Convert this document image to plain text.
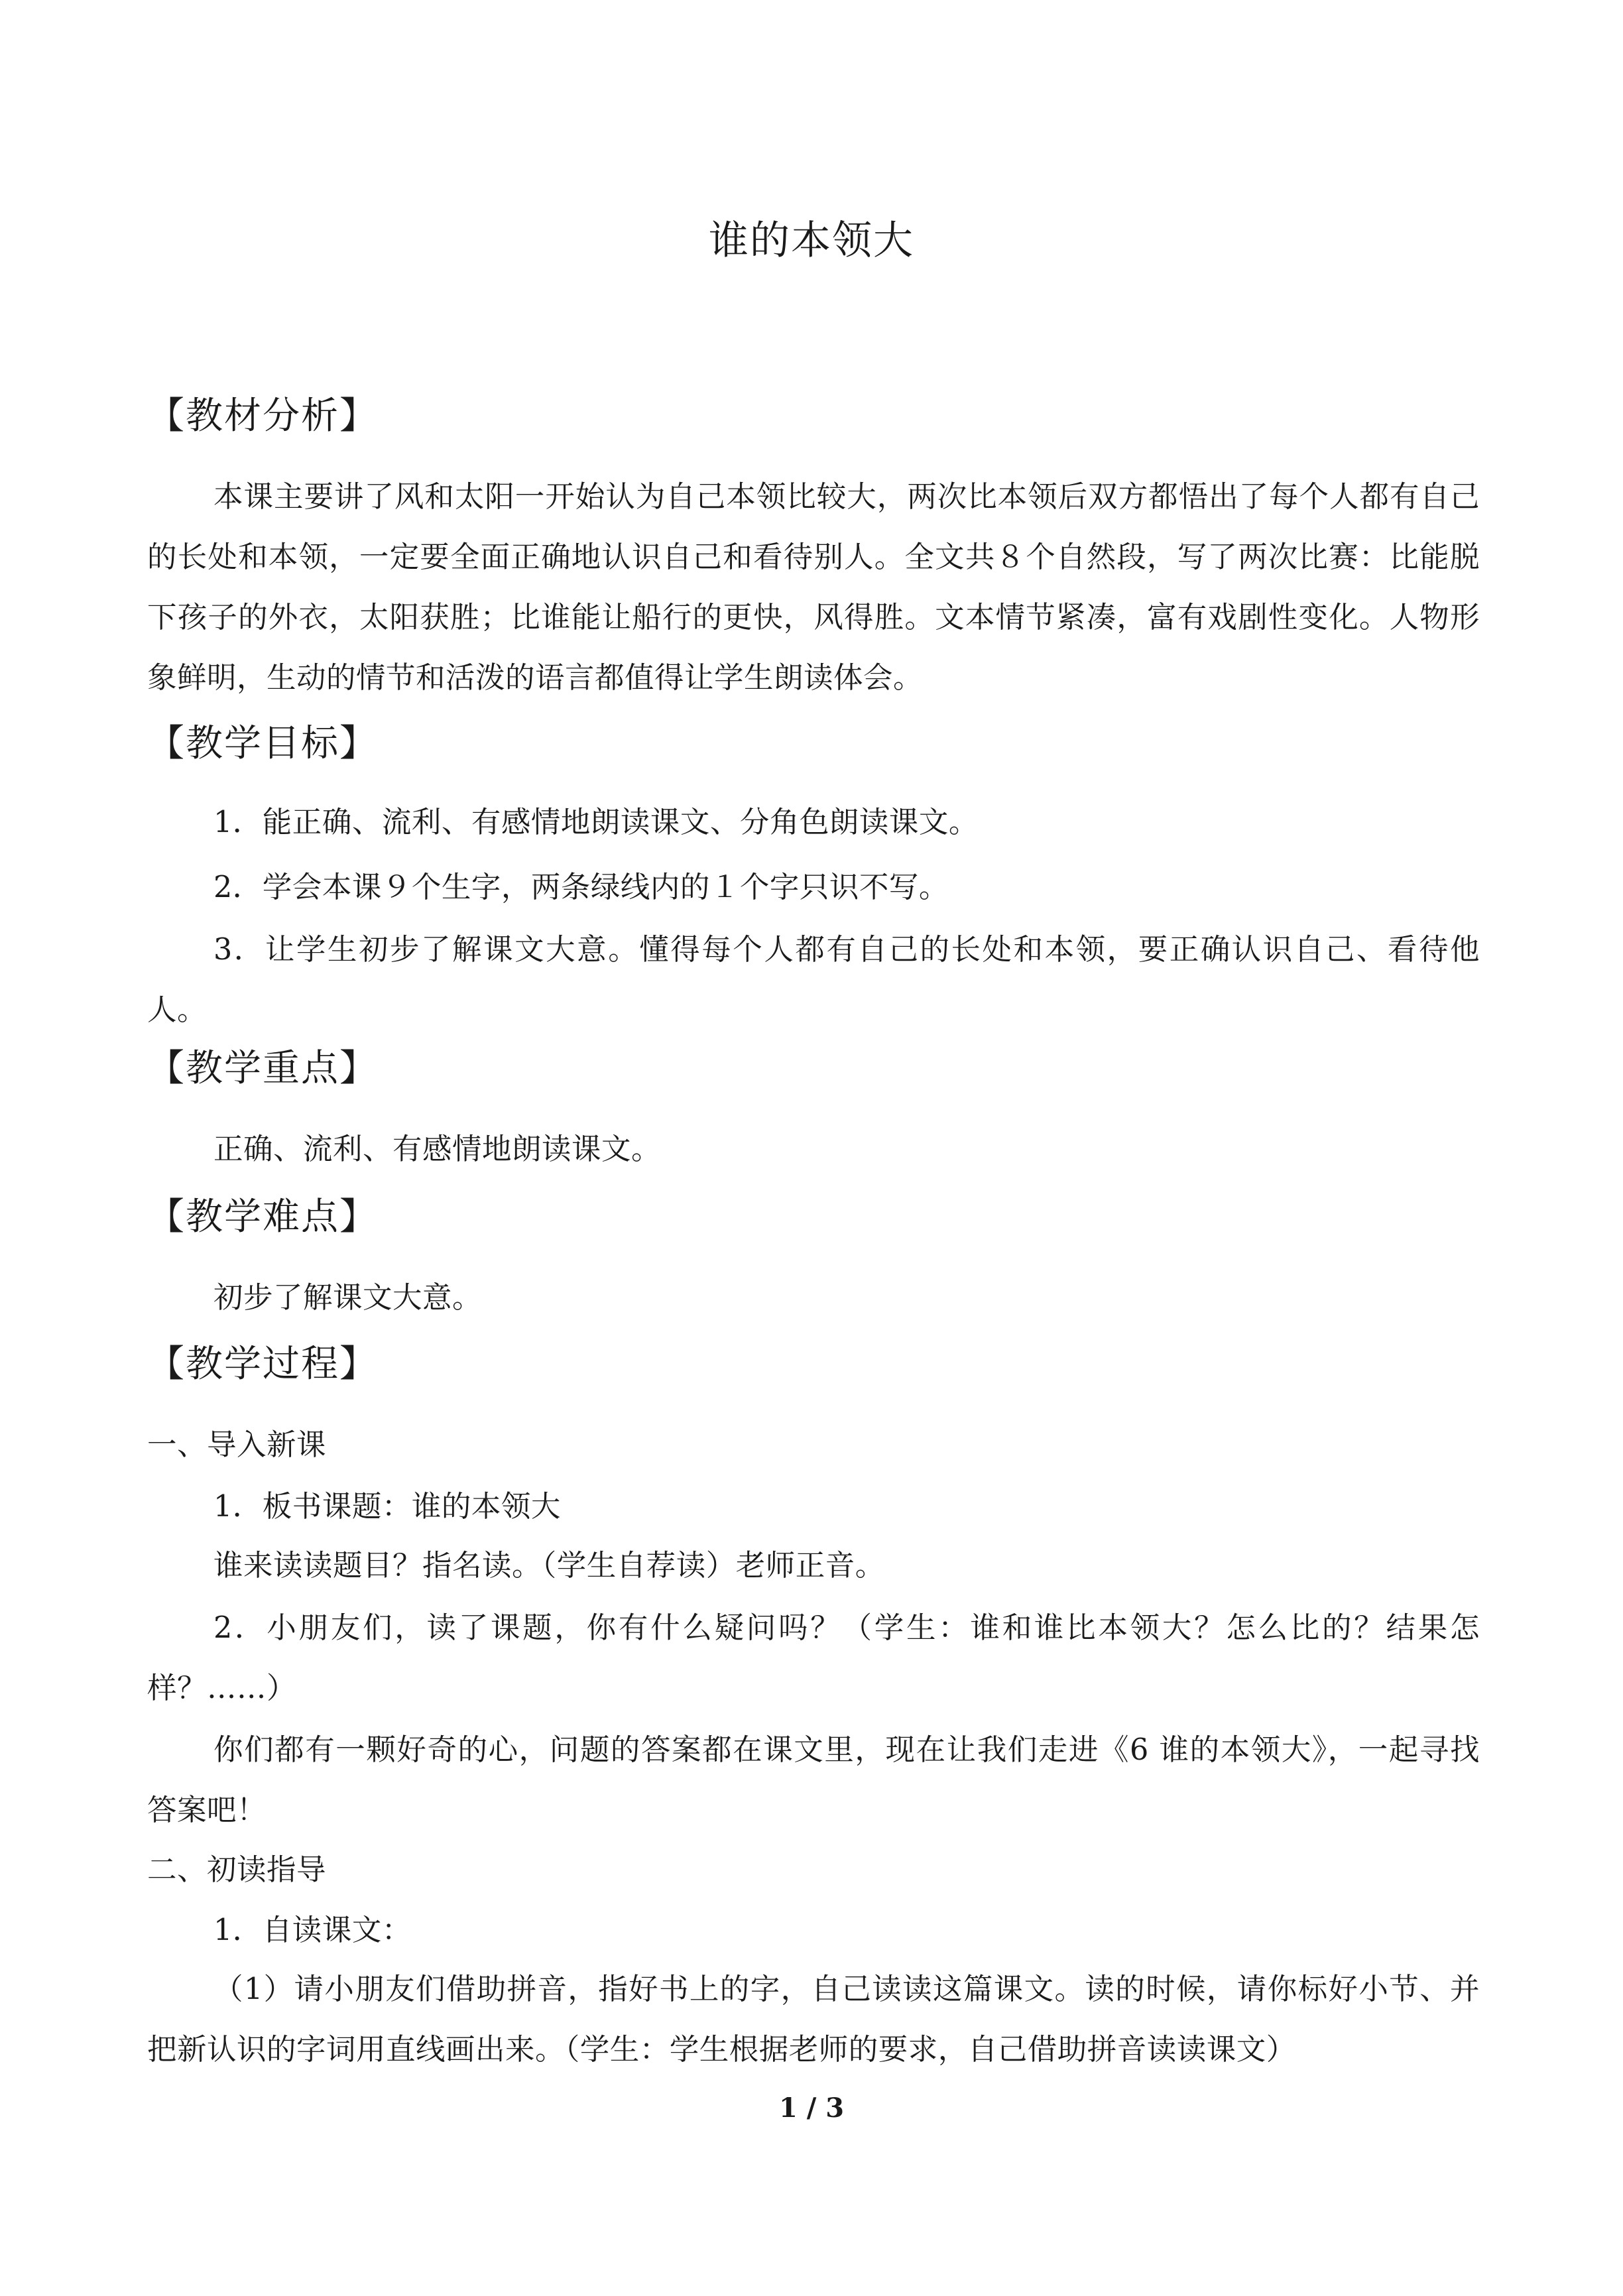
谁的本领大
【教材分析】
本课主要讲了风和太阳一开始认为自己本领比较大，两次比本领后双方都悟出了每个人都有自己的长处和本领，一定要全面正确地认识自己和看待别人。全文共８个自然段，写了两次比赛：比能脱下孩子的外衣，太阳获胜；比谁能让船行的更快，风得胜。文本情节紧凑，富有戏剧性变化。人物形象鲜明，生动的情节和活泼的语言都值得让学生朗读体会。
【教学目标】
1．能正确、流利、有感情地朗读课文、分角色朗读课文。
2．学会本课９个生字，两条绿线内的１个字只识不写。
3．让学生初步了解课文大意。懂得每个人都有自己的长处和本领，要正确认识自己、看待他人。
【教学重点】
正确、流利、有感情地朗读课文。
【教学难点】
初步了解课文大意。
【教学过程】
一、导入新课
1．板书课题：谁的本领大
谁来读读题目？指名读。（学生自荐读）老师正音。
2．小朋友们，读了课题，你有什么疑问吗？（学生：谁和谁比本领大？怎么比的？结果怎样？……）
你们都有一颗好奇的心，问题的答案都在课文里，现在让我们走进《6 谁的本领大》，一起寻找答案吧！
二、初读指导
1．自读课文：
（1）请小朋友们借助拼音，指好书上的字，自己读读这篇课文。读的时候，请你标好小节、并把新认识的字词用直线画出来。（学生：学生根据老师的要求，自己借助拼音读读课文）
1 / 3
